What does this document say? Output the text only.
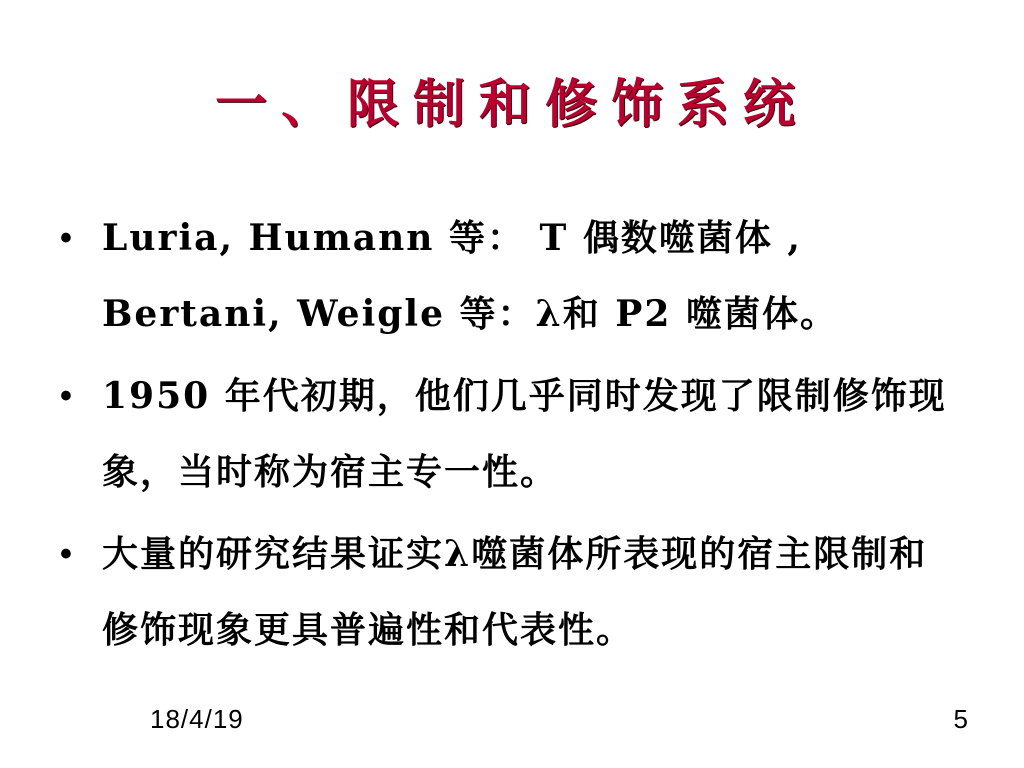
一、限制和修饰系统
• Luria, Humann 等： T 偶数噬菌体 , Bertani, Weigle 等：λ和 P2 噬菌体。
• 1950 年代初期，他们几乎同时发现了限制修饰现象，当时称为宿主专一性。
• 大量的研究结果证实λ噬菌体所表现的宿主限制和修饰现象更具普遍性和代表性。
18/4/19	5
